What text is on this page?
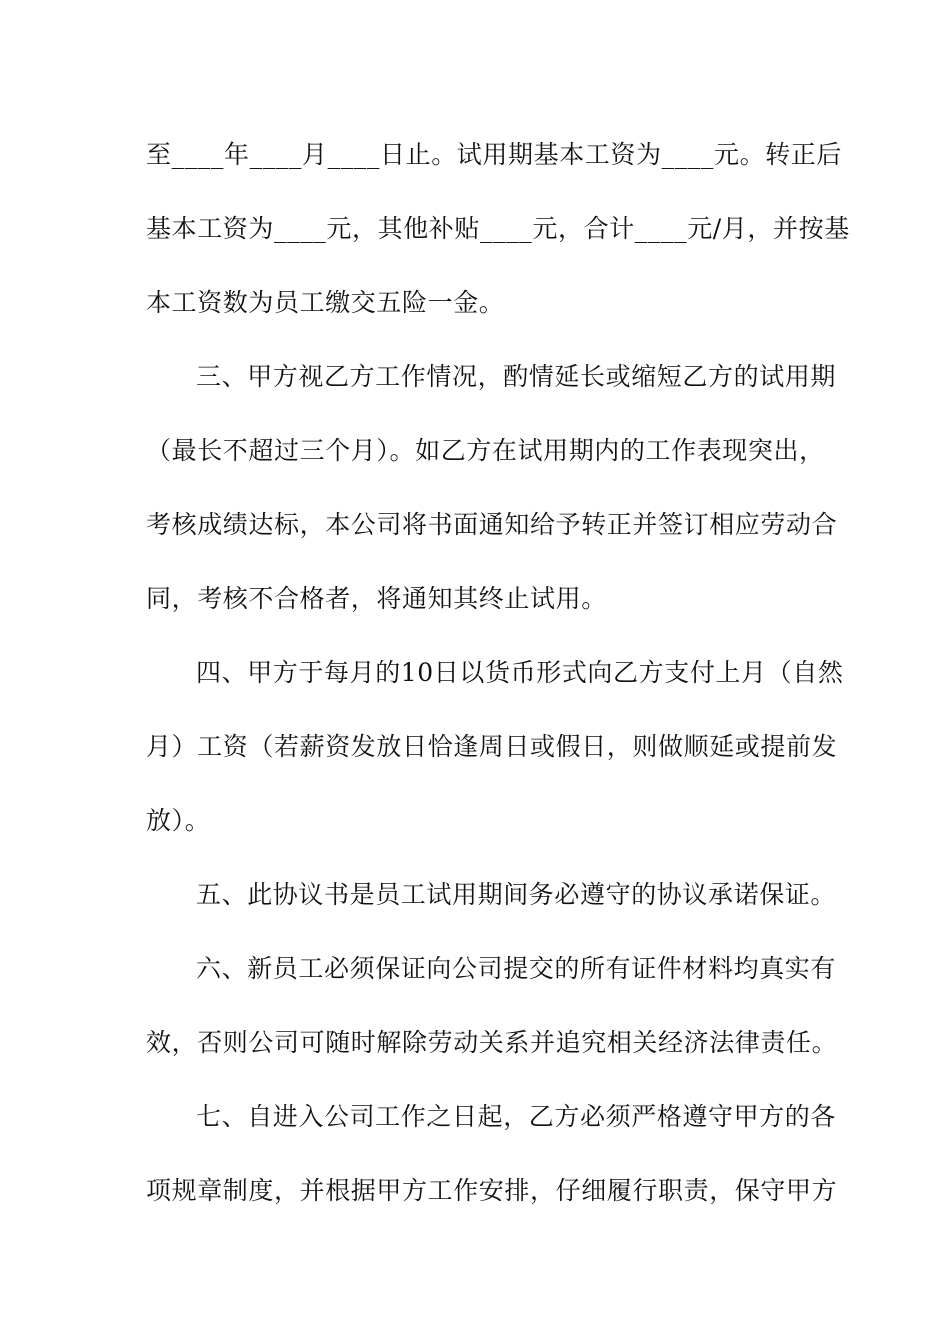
至____年____月____日止。试用期基本工资为____元。转正后
基本工资为____元，其他补贴____元，合计____元/月，并按基
本工资数为员工缴交五险一金。
三、甲方视乙方工作情况，酌情延长或缩短乙方的试用期
（最长不超过三个月）。如乙方在试用期内的工作表现突出，
考核成绩达标，本公司将书面通知给予转正并签订相应劳动合
同，考核不合格者，将通知其终止试用。
四、甲方于每月的10日以货币形式向乙方支付上月（自然
月）工资（若薪资发放日恰逢周日或假日，则做顺延或提前发
放）。
五、此协议书是员工试用期间务必遵守的协议承诺保证。
六、新员工必须保证向公司提交的所有证件材料均真实有
效，否则公司可随时解除劳动关系并追究相关经济法律责任。
七、自进入公司工作之日起，乙方必须严格遵守甲方的各
项规章制度，并根据甲方工作安排，仔细履行职责，保守甲方
